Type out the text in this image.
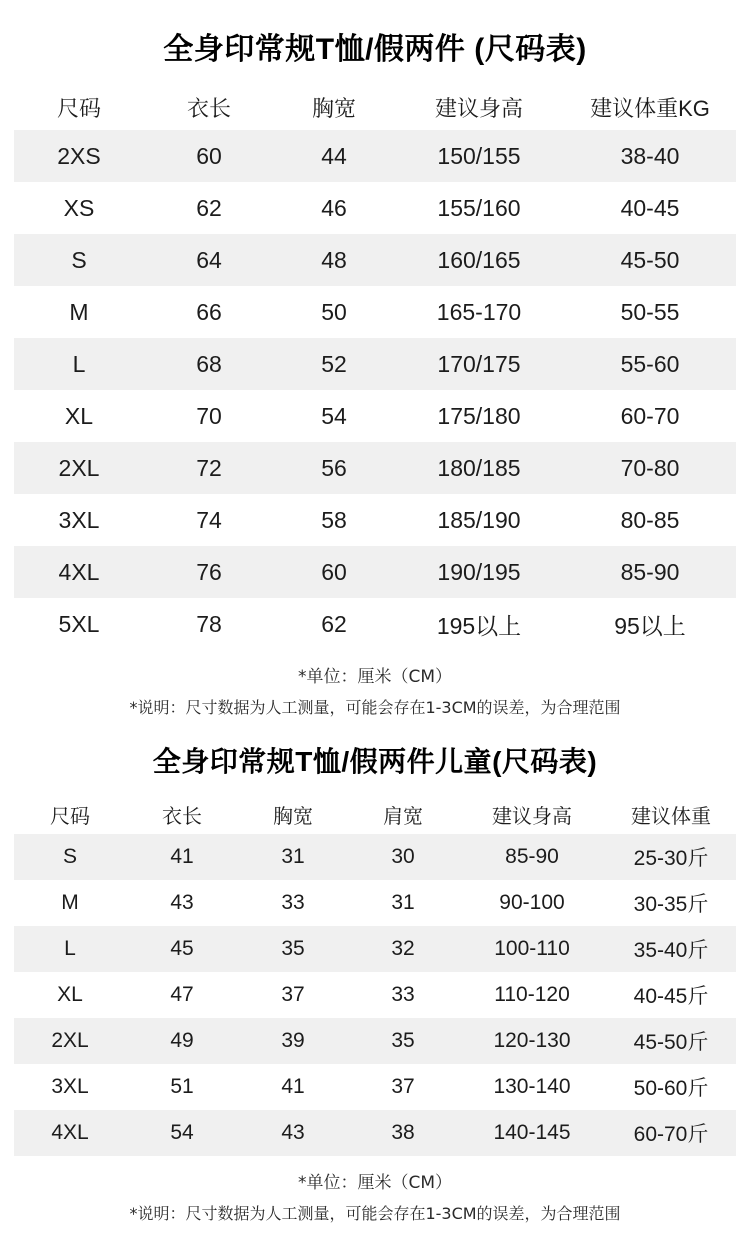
全身印常规T恤/假两件 (尺码表)
尺码	衣长	胸宽	建议身高	建议体重KG
2XS	60	44	150/155	38-40
XS	62	46	155/160	40-45
S	64	48	160/165	45-50
M	66	50	165-170	50-55
L	68	52	170/175	55-60
XL	70	54	175/180	60-70
2XL	72	56	180/185	70-80
3XL	74	58	185/190	80-85
4XL	76	60	190/195	85-90
5XL	78	62	195以上	95以上
*单位：厘米（CM）
*说明：尺寸数据为人工测量，可能会存在1-3CM的误差，为合理范围
全身印常规T恤/假两件儿童(尺码表)
尺码	衣长	胸宽	肩宽	建议身高	建议体重
S	41	31	30	85-90	25-30斤
M	43	33	31	90-100	30-35斤
L	45	35	32	100-110	35-40斤
XL	47	37	33	110-120	40-45斤
2XL	49	39	35	120-130	45-50斤
3XL	51	41	37	130-140	50-60斤
4XL	54	43	38	140-145	60-70斤
*单位：厘米（CM）
*说明：尺寸数据为人工测量，可能会存在1-3CM的误差，为合理范围
